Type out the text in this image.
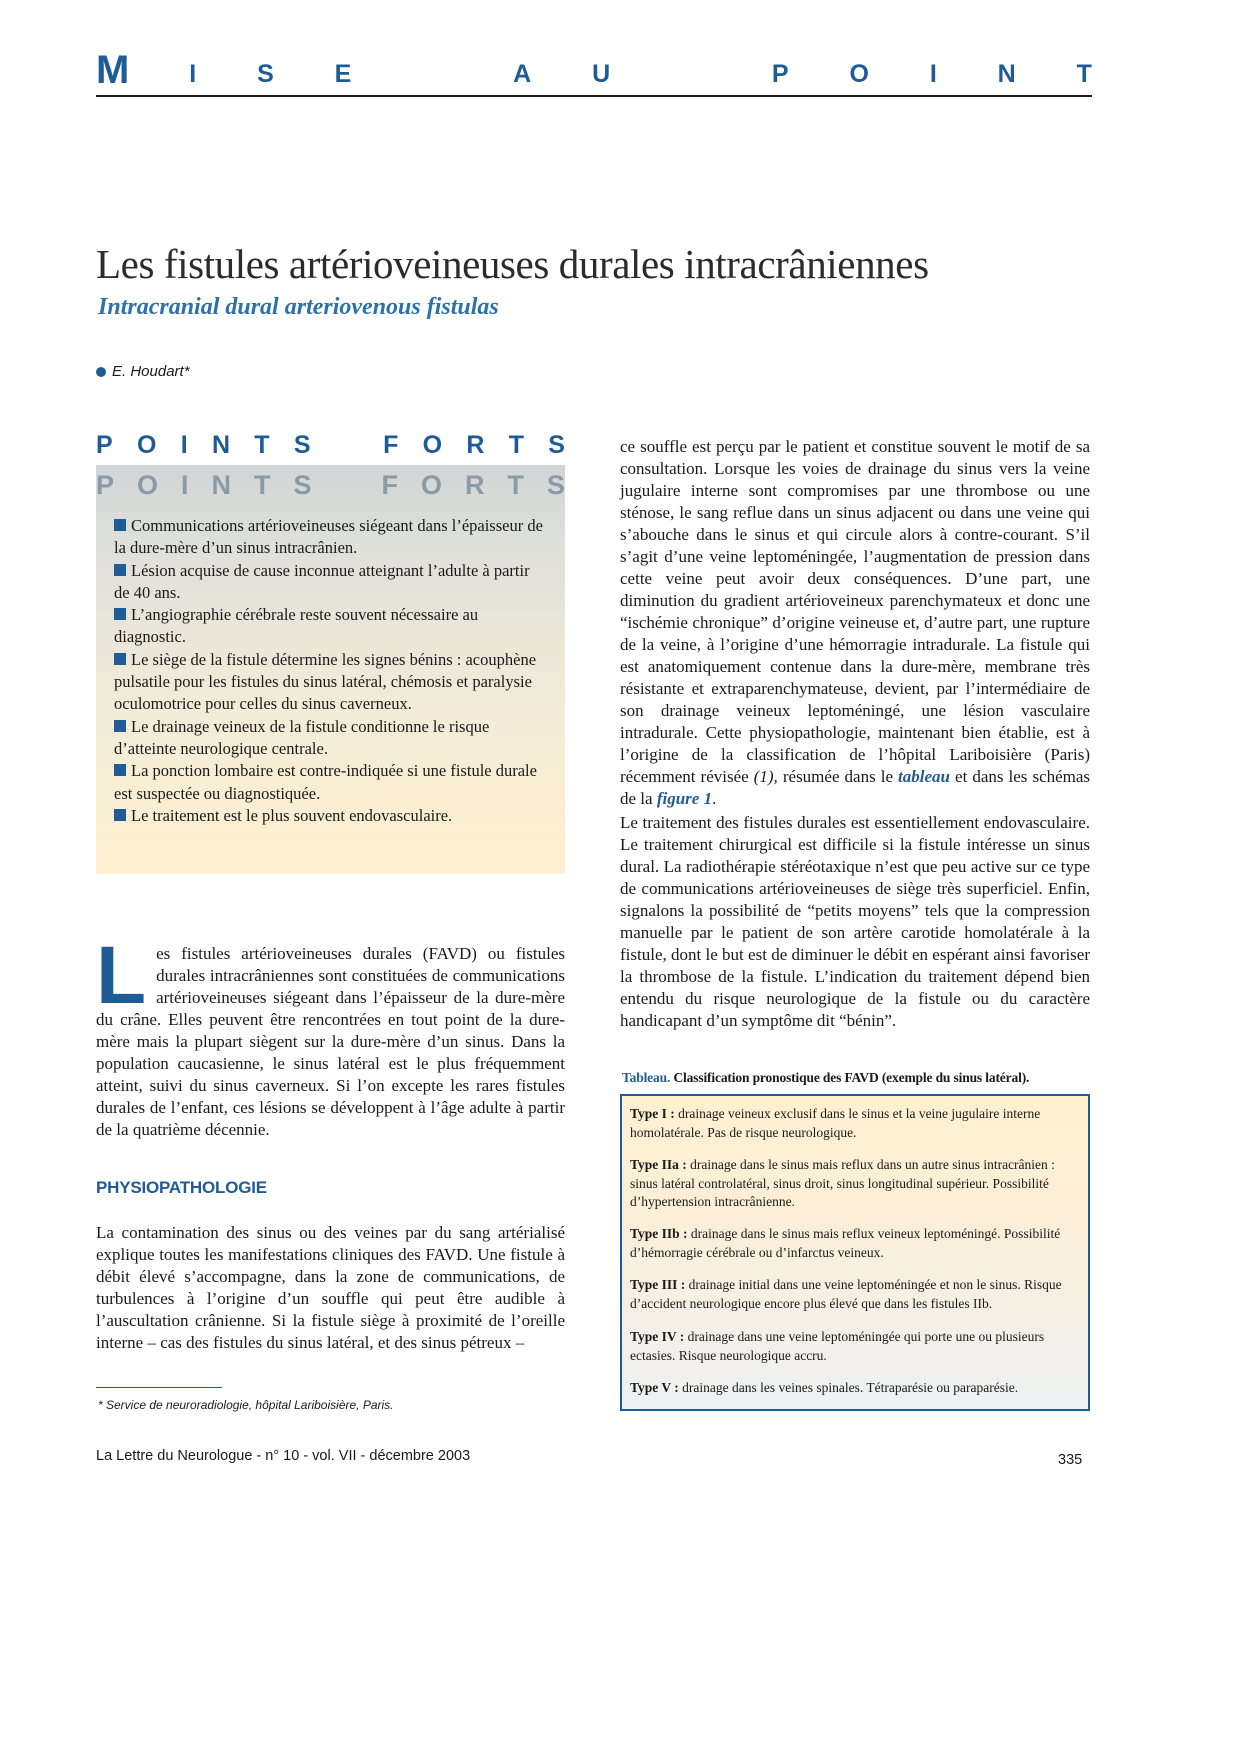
M I S E	A U	P O I N T
Les fistules artérioveineuses durales intracrâniennes
Intracranial dural arteriovenous fistulas
E. Houdart*
P O I N T S	F O R T S
P O I N T S	F O R T S
Communications artérioveineuses siégeant dans l’épaisseur de la dure-mère d’un sinus intracrânien.
Lésion acquise de cause inconnue atteignant l’adulte à partir de 40 ans.
L’angiographie cérébrale reste souvent nécessaire au diagnostic.
Le siège de la fistule détermine les signes bénins : acouphène pulsatile pour les fistules du sinus latéral, chémosis et paralysie oculomotrice pour celles du sinus caverneux.
Le drainage veineux de la fistule conditionne le risque d’atteinte neurologique centrale.
La ponction lombaire est contre-indiquée si une fistule durale est suspectée ou diagnostiquée.
Le traitement est le plus souvent endovasculaire.
L es fistules artérioveineuses durales (FAVD) ou fistules durales intracrâniennes sont constituées de communications artérioveineuses siégeant dans l’épaisseur de la dure-mère du crâne. Elles peuvent être rencontrées en tout point de la dure-mère mais la plupart siègent sur la dure-mère d’un sinus. Dans la population caucasienne, le sinus latéral est le plus fréquemment atteint, suivi du sinus caverneux. Si l’on excepte les rares fistules durales de l’enfant, ces lésions se développent à l’âge adulte à partir de la quatrième décennie.

PHYSIOPATHOLOGIE

La contamination des sinus ou des veines par du sang artérialisé explique toutes les manifestations cliniques des FAVD. Une fistule à débit élevé s’accompagne, dans la zone de communications, de turbulences à l’origine d’un souffle qui peut être audible à l’auscultation crânienne. Si la fistule siège à proximité de l’oreille interne – cas des fistules du sinus latéral, et des sinus pétreux –

ce souffle est perçu par le patient et constitue souvent le motif de sa consultation. Lorsque les voies de drainage du sinus vers la veine jugulaire interne sont compromises par une thrombose ou une sténose, le sang reflue dans un sinus adjacent ou dans une veine qui s’abouche dans le sinus et qui circule alors à contre-courant. S’il s’agit d’une veine leptoméningée, l’augmentation de pression dans cette veine peut avoir deux conséquences. D’une part, une diminution du gradient artérioveineux parenchymateux et donc une “ischémie chronique” d’origine veineuse et, d’autre part, une rupture de la veine, à l’origine d’une hémorragie intradurale. La fistule qui est anatomiquement contenue dans la dure-mère, membrane très résistante et extraparenchymateuse, devient, par l’intermédiaire de son drainage veineux leptoméningé, une lésion vasculaire intradurale. Cette physiopathologie, maintenant bien établie, est à l’origine de la classification de l’hôpital Lariboisière (Paris) récemment révisée (1), résumée dans le tableau et dans les schémas de la figure 1.

Le traitement des fistules durales est essentiellement endovasculaire. Le traitement chirurgical est difficile si la fistule intéresse un sinus dural. La radiothérapie stéréotaxique n’est que peu active sur ce type de communications artérioveineuses de siège très superficiel. Enfin, signalons la possibilité de “petits moyens” tels que la compression manuelle par le patient de son artère carotide homolatérale à la fistule, dont le but est de diminuer le débit en espérant ainsi favoriser la thrombose de la fistule. L’indication du traitement dépend bien entendu du risque neurologique de la fistule ou du caractère handicapant d’un symptôme dit “bénin”.

Tableau. Classification pronostique des FAVD (exemple du sinus latéral).

Type I : drainage veineux exclusif dans le sinus et la veine jugulaire interne homolatérale. Pas de risque neurologique.

Type IIa : drainage dans le sinus mais reflux dans un autre sinus intracrânien : sinus latéral controlatéral, sinus droit, sinus longitudinal supérieur. Possibilité d’hypertension intracrânienne.

Type IIb : drainage dans le sinus mais reflux veineux leptoméningé. Possibilité d’hémorragie cérébrale ou d’infarctus veineux.

Type III : drainage initial dans une veine leptoméningée et non le sinus. Risque d’accident neurologique encore plus élevé que dans les fistules IIb.

Type IV : drainage dans une veine leptoméningée qui porte une ou plusieurs ectasies. Risque neurologique accru.

Type V : drainage dans les veines spinales. Tétraparésie ou paraparésie.

* Service de neuroradiologie, hôpital Lariboisière, Paris.
La Lettre du Neurologue - n° 10 - vol. VII - décembre 2003	335
